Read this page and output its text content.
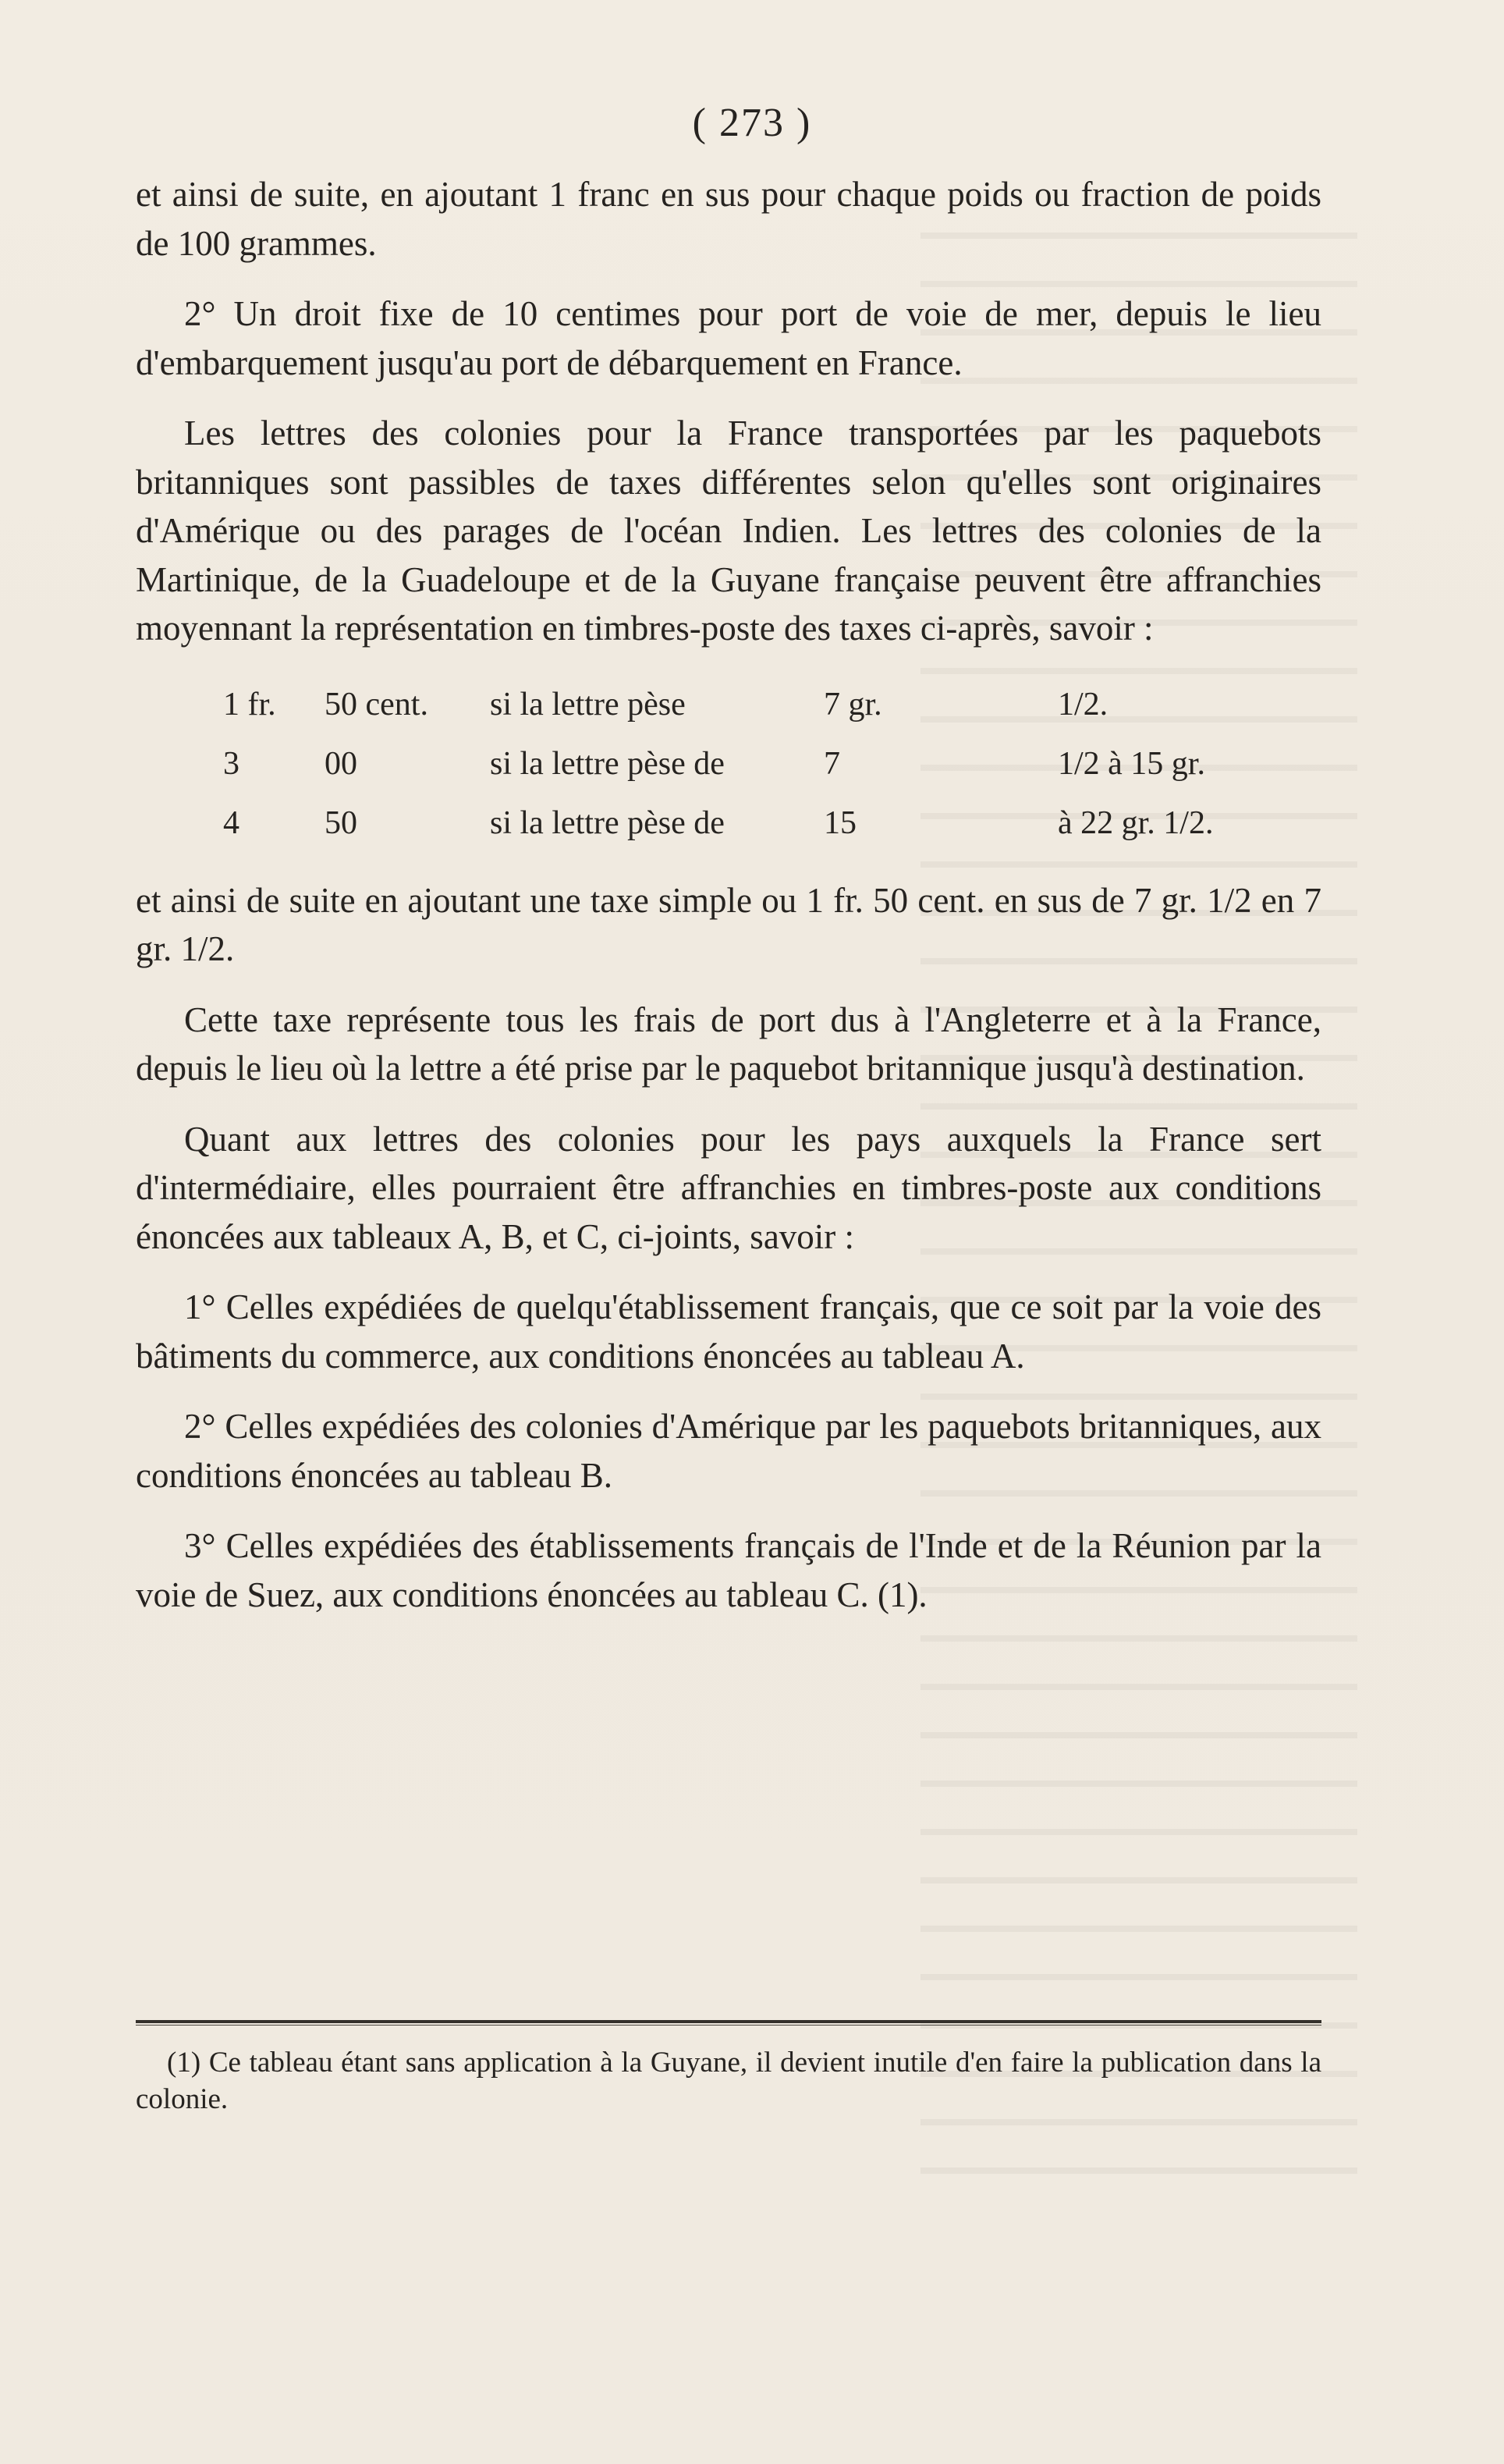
( 273 )

et ainsi de suite, en ajoutant 1 franc en sus pour chaque poids ou fraction de poids de 100 grammes.

2° Un droit fixe de 10 centimes pour port de voie de mer, depuis le lieu d'embarquement jusqu'au port de débarquement en France.

Les lettres des colonies pour la France transportées par les paquebots britanniques sont passibles de taxes différentes selon qu'elles sont originaires d'Amérique ou des parages de l'océan Indien. Les lettres des colonies de la Martinique, de la Guadeloupe et de la Guyane française peuvent être affranchies moyennant la représentation en timbres-poste des taxes ci-après, savoir :

1 fr.	50 cent.	si la lettre pèse	7 gr.	1/2.
3	00	si la lettre pèse de	7	1/2 à 15 gr.
4	50	si la lettre pèse de	15	à 22 gr. 1/2.

et ainsi de suite en ajoutant une taxe simple ou 1 fr. 50 cent. en sus de 7 gr. 1/2 en 7 gr. 1/2.

Cette taxe représente tous les frais de port dus à l'Angleterre et à la France, depuis le lieu où la lettre a été prise par le paquebot britannique jusqu'à destination.

Quant aux lettres des colonies pour les pays auxquels la France sert d'intermédiaire, elles pourraient être affranchies en timbres-poste aux conditions énoncées aux tableaux A, B, et C, ci-joints, savoir :

1° Celles expédiées de quelqu'établissement français, que ce soit par la voie des bâtiments du commerce, aux conditions énoncées au tableau A.

2° Celles expédiées des colonies d'Amérique par les paquebots britanniques, aux conditions énoncées au tableau B.

3° Celles expédiées des établissements français de l'Inde et de la Réunion par la voie de Suez, aux conditions énoncées au tableau C. (1).

(1) Ce tableau étant sans application à la Guyane, il devient inutile d'en faire la publication dans la colonie.
